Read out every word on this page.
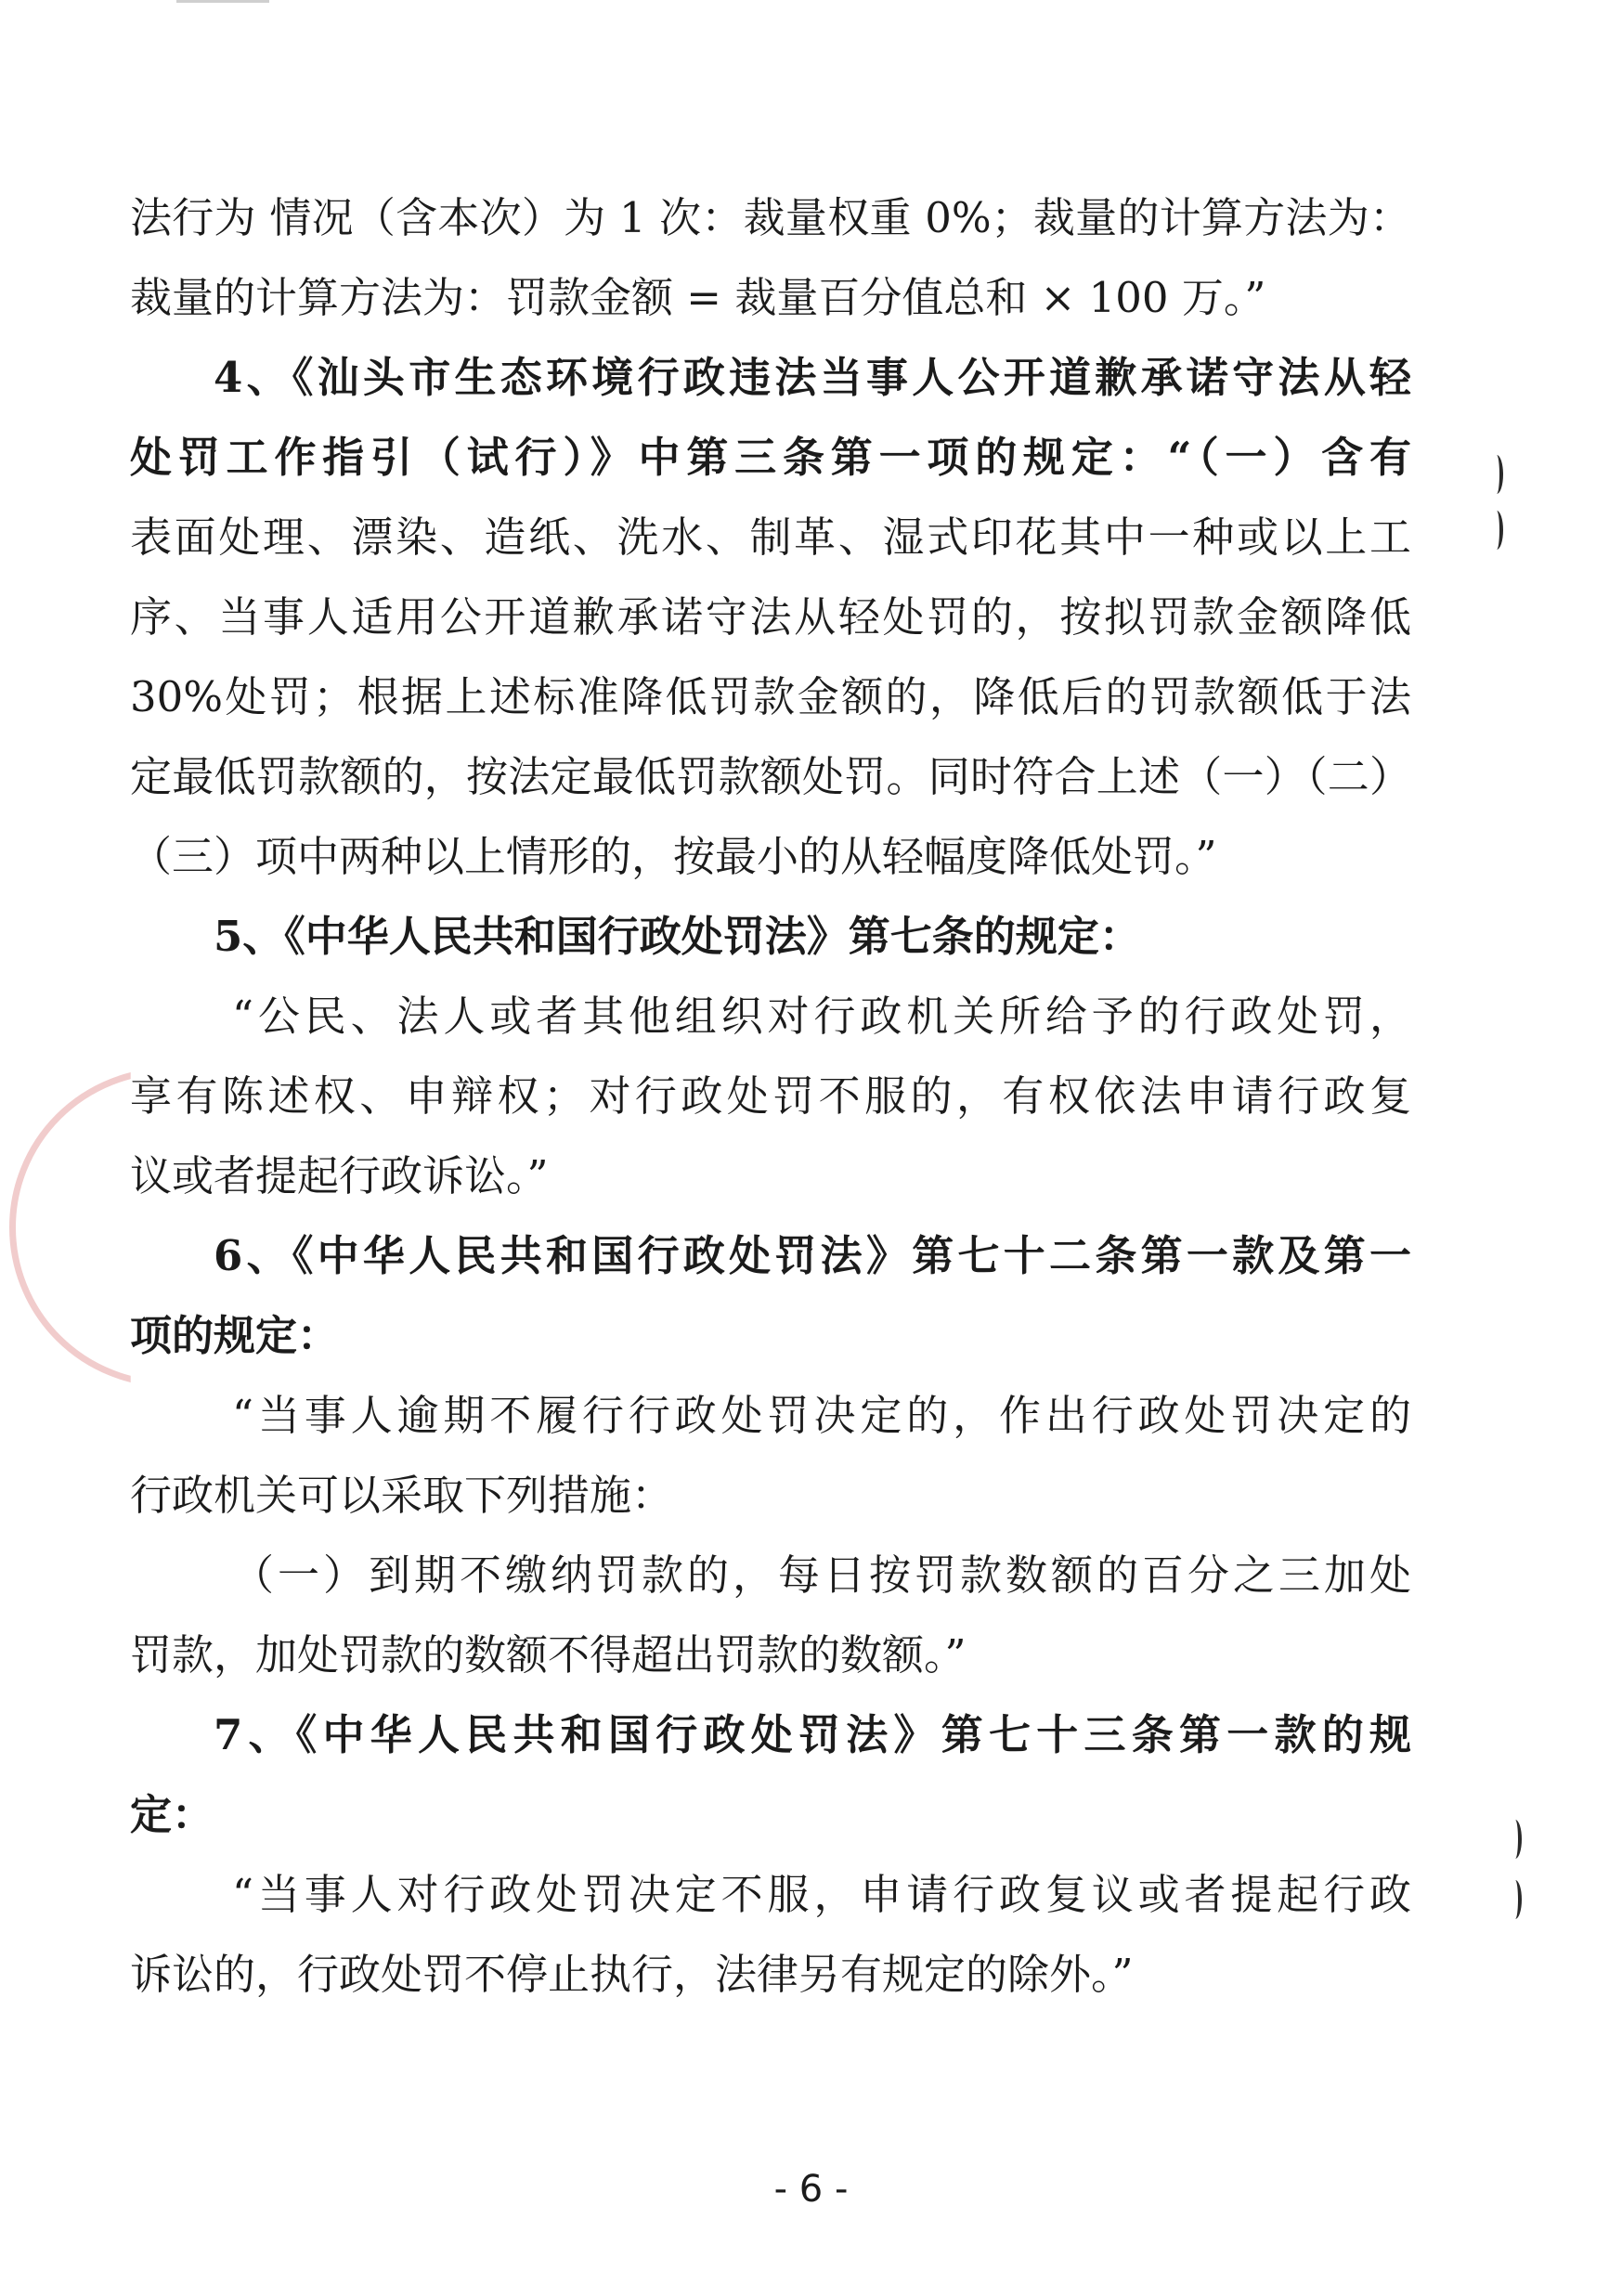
法行为 情况（含本次）为 1 次：裁量权重 0%；裁量的计算方法为：
裁量的计算方法为：罚款金额 = 裁量百分值总和 × 100 万。”
4、《汕头市生态环境行政违法当事人公开道歉承诺守法从轻
处罚工作指引（试行）》中第三条第一项的规定：“（一）含有
表面处理、漂染、造纸、洗水、制革、湿式印花其中一种或以上工
序、当事人适用公开道歉承诺守法从轻处罚的，按拟罚款金额降低
30%处罚；根据上述标准降低罚款金额的，降低后的罚款额低于法
定最低罚款额的，按法定最低罚款额处罚。同时符合上述（一）（二）
（三）项中两种以上情形的，按最小的从轻幅度降低处罚。”
5、《中华人民共和国行政处罚法》第七条的规定：
“公民、法人或者其他组织对行政机关所给予的行政处罚，
享有陈述权、申辩权；对行政处罚不服的，有权依法申请行政复
议或者提起行政诉讼。”
6、《中华人民共和国行政处罚法》第七十二条第一款及第一
项的规定：
“当事人逾期不履行行政处罚决定的，作出行政处罚决定的
行政机关可以采取下列措施：
（一）到期不缴纳罚款的，每日按罚款数额的百分之三加处
罚款，加处罚款的数额不得超出罚款的数额。”
7、《中华人民共和国行政处罚法》第七十三条第一款的规
定：
“当事人对行政处罚决定不服，申请行政复议或者提起行政
诉讼的，行政处罚不停止执行，法律另有规定的除外。”
- 6 -
